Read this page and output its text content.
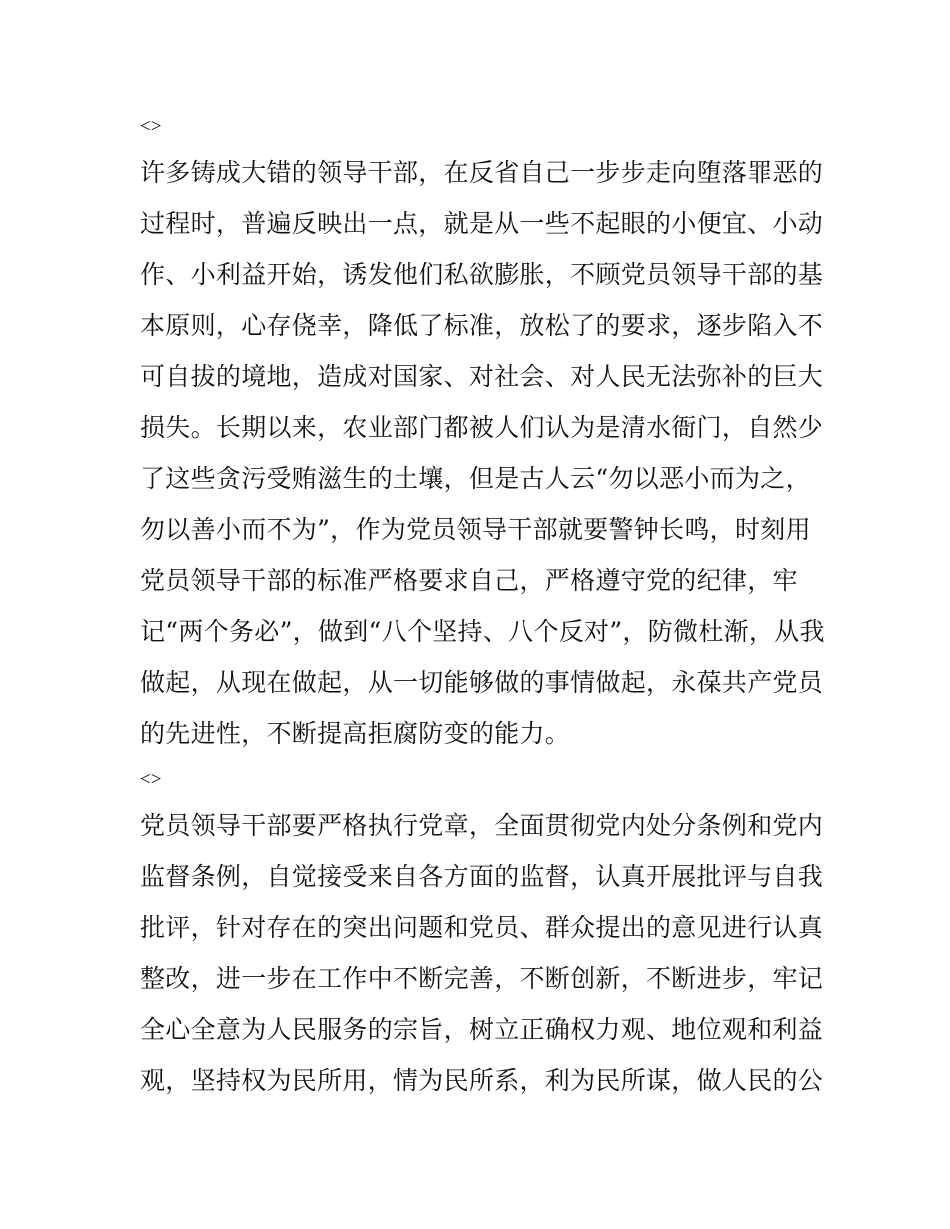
<>
许多铸成大错的领导干部，在反省自己一步步走向堕落罪恶的
过程时，普遍反映出一点，就是从一些不起眼的小便宜、小动
作、小利益开始，诱发他们私欲膨胀，不顾党员领导干部的基
本原则，心存侥幸，降低了标准，放松了的要求，逐步陷入不
可自拔的境地，造成对国家、对社会、对人民无法弥补的巨大
损失。长期以来，农业部门都被人们认为是清水衙门，自然少
了这些贪污受贿滋生的土壤，但是古人云“勿以恶小而为之，
勿以善小而不为”，作为党员领导干部就要警钟长鸣，时刻用
党员领导干部的标准严格要求自己，严格遵守党的纪律，牢
记“两个务必”，做到“八个坚持、八个反对”，防微杜渐，从我
做起，从现在做起，从一切能够做的事情做起，永葆共产党员
的先进性，不断提高拒腐防变的能力。
<>
党员领导干部要严格执行党章，全面贯彻党内处分条例和党内
监督条例，自觉接受来自各方面的监督，认真开展批评与自我
批评，针对存在的突出问题和党员、群众提出的意见进行认真
整改，进一步在工作中不断完善，不断创新，不断进步，牢记
全心全意为人民服务的宗旨，树立正确权力观、地位观和利益
观，坚持权为民所用，情为民所系，利为民所谋，做人民的公
